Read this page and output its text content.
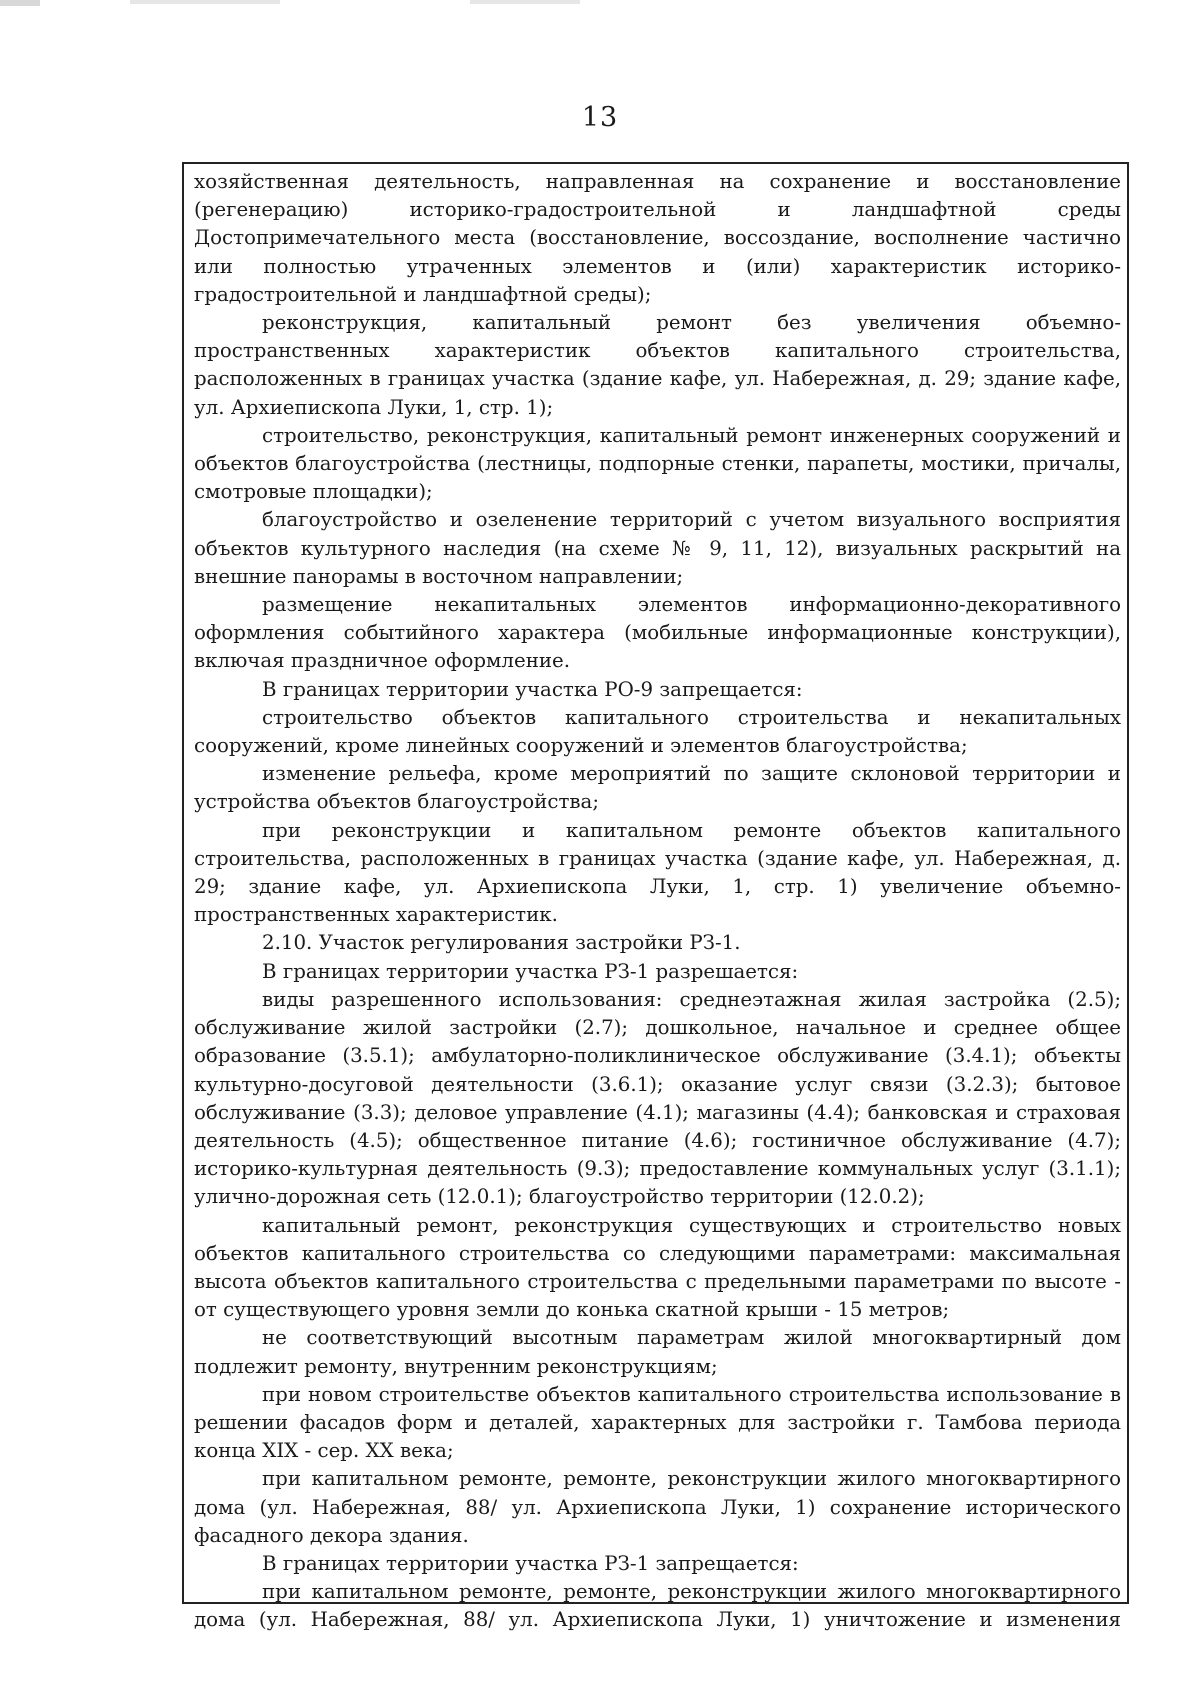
13

хозяйственная деятельность, направленная на сохранение и восстановление (регенерацию) историко-градостроительной и ландшафтной среды Достопримечательного места (восстановление, воссоздание, восполнение частично или полностью утраченных элементов и (или) характеристик историко-градостроительной и ландшафтной среды);

реконструкция, капитальный ремонт без увеличения объемно-пространственных характеристик объектов капитального строительства, расположенных в границах участка (здание кафе, ул. Набережная, д. 29; здание кафе, ул. Архиепископа Луки, 1, стр. 1);

строительство, реконструкция, капитальный ремонт инженерных сооружений и объектов благоустройства (лестницы, подпорные стенки, парапеты, мостики, причалы, смотровые площадки);

благоустройство и озеленение территорий с учетом визуального восприятия объектов культурного наследия (на схеме № 9, 11, 12), визуальных раскрытий на внешние панорамы в восточном направлении;

размещение некапитальных элементов информационно-декоративного оформления событийного характера (мобильные информационные конструкции), включая праздничное оформление.

В границах территории участка РО-9 запрещается:

строительство объектов капитального строительства и некапитальных сооружений, кроме линейных сооружений и элементов благоустройства;

изменение рельефа, кроме мероприятий по защите склоновой территории и устройства объектов благоустройства;

при реконструкции и капитальном ремонте объектов капитального строительства, расположенных в границах участка (здание кафе, ул. Набережная, д. 29; здание кафе, ул. Архиепископа Луки, 1, стр. 1) увеличение объемно-пространственных характеристик.

2.10. Участок регулирования застройки РЗ-1.

В границах территории участка РЗ-1 разрешается:

виды разрешенного использования: среднеэтажная жилая застройка (2.5); обслуживание жилой застройки (2.7); дошкольное, начальное и среднее общее образование (3.5.1); амбулаторно-поликлиническое обслуживание (3.4.1); объекты культурно-досуговой деятельности (3.6.1); оказание услуг связи (3.2.3); бытовое обслуживание (3.3); деловое управление (4.1); магазины (4.4); банковская и страховая деятельность (4.5); общественное питание (4.6); гостиничное обслуживание (4.7); историко-культурная деятельность (9.3); предоставление коммунальных услуг (3.1.1); улично-дорожная сеть (12.0.1); благоустройство территории (12.0.2);

капитальный ремонт, реконструкция существующих и строительство новых объектов капитального строительства со следующими параметрами: максимальная высота объектов капитального строительства с предельными параметрами по высоте - от существующего уровня земли до конька скатной крыши - 15 метров;

не соответствующий высотным параметрам жилой многоквартирный дом подлежит ремонту, внутренним реконструкциям;

при новом строительстве объектов капитального строительства использование в решении фасадов форм и деталей, характерных для застройки г. Тамбова периода конца XIX - сер. XX века;

при капитальном ремонте, ремонте, реконструкции жилого многоквартирного дома (ул. Набережная, 88/ ул. Архиепископа Луки, 1) сохранение исторического фасадного декора здания.

В границах территории участка РЗ-1 запрещается:

при капитальном ремонте, ремонте, реконструкции жилого многоквартирного дома (ул. Набережная, 88/ ул. Архиепископа Луки, 1) уничтожение и изменения
